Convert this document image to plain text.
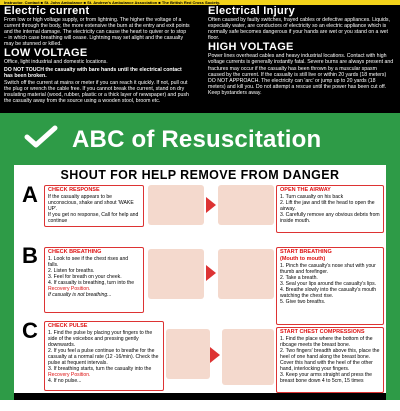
Instructor. Contact ■ St. John Ambulance ■ St. Andrew's Ambulance Association ■ The British Red Cross Society.
Electric current
From low or high voltage supply, or from lightning. The higher the voltage of a current through the body, the more extensive the burn at the entry and exit points and the internal damage. The electricity can cause the heart to quiver or to stop – in which case breathing will cease. Lightning may set alight and the casualty may be stunned or killed.
LOW VOLTAGE
Office, light industrial and domestic locations.
DO NOT TOUCH the casualty with bare hands until the electrical contact has been broken.
Switch off the current at mains or meter if you can reach it quickly. If not, pull out the plug or wrench the cable free. If you cannot break the current, stand on dry insulating material (wood, rubber, plastic or a thick layer of newspaper) and push the casualty away from the source using a wooden stool, broom etc.
Electrical Injury
Often caused by faulty switches, frayed cables or defective appliances. Liquids, especially water, are conductors of electricity so an electric appliance which is normally safe becomes dangerous if your hands are wet or you stand on a wet floor.
HIGH VOLTAGE
Power lines overhead cables and heavy industrial locations. Contact with high voltage currents is generally instantly fatal. Severe burns are always present and fractures may occur if the casualty has been thrown by a muscular spasm caused by the current. If the casualty is still live or within 20 yards (18 meters) DO NOT APPROACH. The electricity can 'arc' or jump up to 20 yards (18 meters) and kill you. Do not attempt a rescue until the power has been cut off. Keep bystanders away.
ABC of Resuscitation
SHOUT FOR HELP REMOVE FROM DANGER
A	CHECK RESPONSE
If the casualty appears to be unconscious, shake and shout 'WAKE UP'.
If you get no response, Call for help and continue
OPEN THE AIRWAY
1. Turn casualty on his back
2. Lift the jaw and tilt the head to open the airway.
3. Carefully remove any obvious debris from inside mouth.
B	CHECK BREATHING
1. Look to see if the chest rises and falls.
2. Listen for breaths.
3. Feel for breath on your cheek.
4. If casualty is breathing, turn into the
Recovery Position.
If casualty is not breathing...
START BREATHING
(Mouth to mouth)
1. Pinch the casualty's nose shut with your thumb and forefinger.
2. Take a breath.
3. Seal your lips around the casualty's lips.
4. Breathe slowly into the casualty's mouth watching the chest rise.
5. Give two breaths.
C	CHECK PULSE
1. Find the pulse by placing your fingers to the side of the voicebox and pressing gently downwards.
2. If you feel a pulse continue to breathe for the casualty at a normal rate (12 -16/min). Check the pulse at frequent intervals.
3. If breathing starts, turn the casualty into the
Recovery Position.
4. If no pulse...
START CHEST COMPRESSIONS
1. Find the place where the bottom of the ribcage meets the breast bone.
2. Two fingers' breadth above this, place the heel of one hand along the breast bone.
Cover this hand with the heel of the other hand, interlocking your fingers.
3. Keep your arms straight and press the breast bone down 4 to 5cm, 15 times
Unconscious casualties who are
